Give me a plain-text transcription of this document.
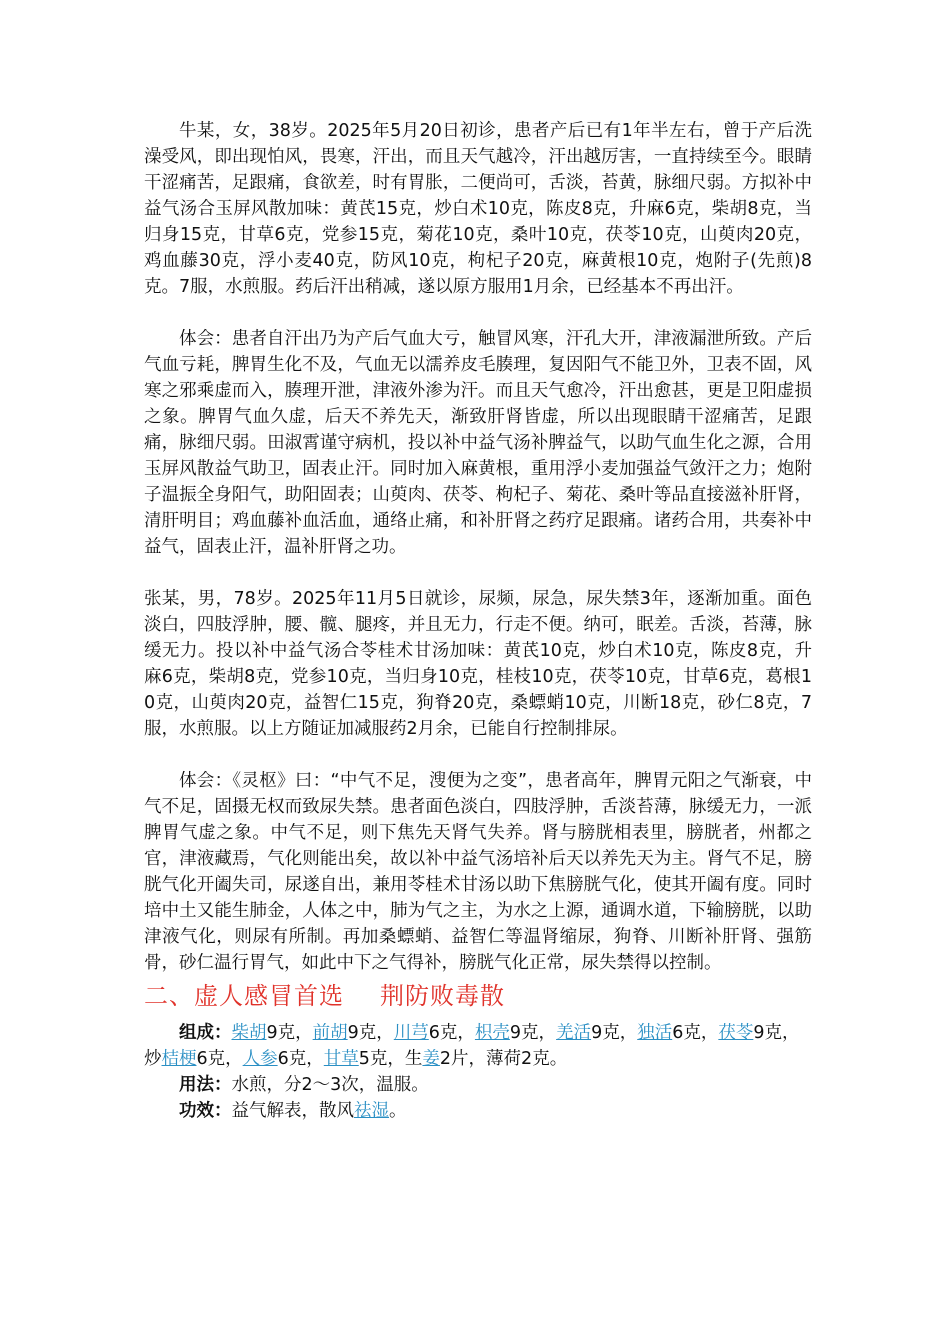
牛某，女，38岁。2025年5月20日初诊，患者产后已有1年半左右，曾于产后洗澡受风，即出现怕风，畏寒，汗出，而且天气越冷，汗出越厉害，一直持续至今。眼睛干涩痛苦，足跟痛，食欲差，时有胃胀，二便尚可，舌淡，苔黄，脉细尺弱。方拟补中益气汤合玉屏风散加味：黄芪15克，炒白术10克，陈皮8克，升麻6克，柴胡8克，当归身15克，甘草6克，党参15克，菊花10克，桑叶10克，茯苓10克，山萸肉20克，鸡血藤30克，浮小麦40克，防风10克，枸杞子20克，麻黄根10克，炮附子(先煎)8克。7服，水煎服。药后汗出稍减，遂以原方服用1月余，已经基本不再出汗。

体会：患者自汗出乃为产后气血大亏，触冒风寒，汗孔大开，津液漏泄所致。产后气血亏耗，脾胃生化不及，气血无以濡养皮毛腠理，复因阳气不能卫外，卫表不固，风寒之邪乘虚而入，腠理开泄，津液外渗为汗。而且天气愈冷，汗出愈甚，更是卫阳虚损之象。脾胃气血久虚，后天不养先天，渐致肝肾皆虚，所以出现眼睛干涩痛苦，足跟痛，脉细尺弱。田淑霄谨守病机，投以补中益气汤补脾益气，以助气血生化之源，合用玉屏风散益气助卫，固表止汗。同时加入麻黄根，重用浮小麦加强益气敛汗之力；炮附子温振全身阳气，助阳固表；山萸肉、茯苓、枸杞子、菊花、桑叶等品直接滋补肝肾，清肝明目；鸡血藤补血活血，通络止痛，和补肝肾之药疗足跟痛。诸药合用，共奏补中益气，固表止汗，温补肝肾之功。

张某，男，78岁。2025年11月5日就诊，尿频，尿急，尿失禁3年，逐渐加重。面色淡白，四肢浮肿，腰、髋、腿疼，并且无力，行走不便。纳可，眠差。舌淡，苔薄，脉缓无力。投以补中益气汤合苓桂术甘汤加味：黄芪10克，炒白术10克，陈皮8克，升麻6克，柴胡8克，党参10克，当归身10克，桂枝10克，茯苓10克，甘草6克，葛根10克，山萸肉20克，益智仁15克，狗脊20克，桑螵蛸10克，川断18克，砂仁8克，7服，水煎服。以上方随证加减服药2月余，已能自行控制排尿。

体会：《灵枢》曰：“中气不足，溲便为之变”，患者高年，脾胃元阳之气渐衰，中气不足，固摄无权而致尿失禁。患者面色淡白，四肢浮肿，舌淡苔薄，脉缓无力，一派脾胃气虚之象。中气不足，则下焦先天肾气失养。肾与膀胱相表里，膀胱者，州都之官，津液藏焉，气化则能出矣，故以补中益气汤培补后天以养先天为主。肾气不足，膀胱气化开阖失司，尿遂自出，兼用苓桂术甘汤以助下焦膀胱气化，使其开阖有度。同时培中土又能生肺金，人体之中，肺为气之主，为水之上源，通调水道，下输膀胱，以助津液气化，则尿有所制。再加桑螵蛸、益智仁等温肾缩尿，狗脊、川断补肝肾、强筋骨，砂仁温行胃气，如此中下之气得补，膀胱气化正常，尿失禁得以控制。

二、虚人感冒首选 荆防败毒散

组成：柴胡9克，前胡9克，川芎6克，枳壳9克，羌活9克，独活6克，茯苓9克，炒桔梗6克，人参6克，甘草5克，生姜2片，薄荷2克。

用法：水煎，分2～3次，温服。

功效：益气解表，散风祛湿。
